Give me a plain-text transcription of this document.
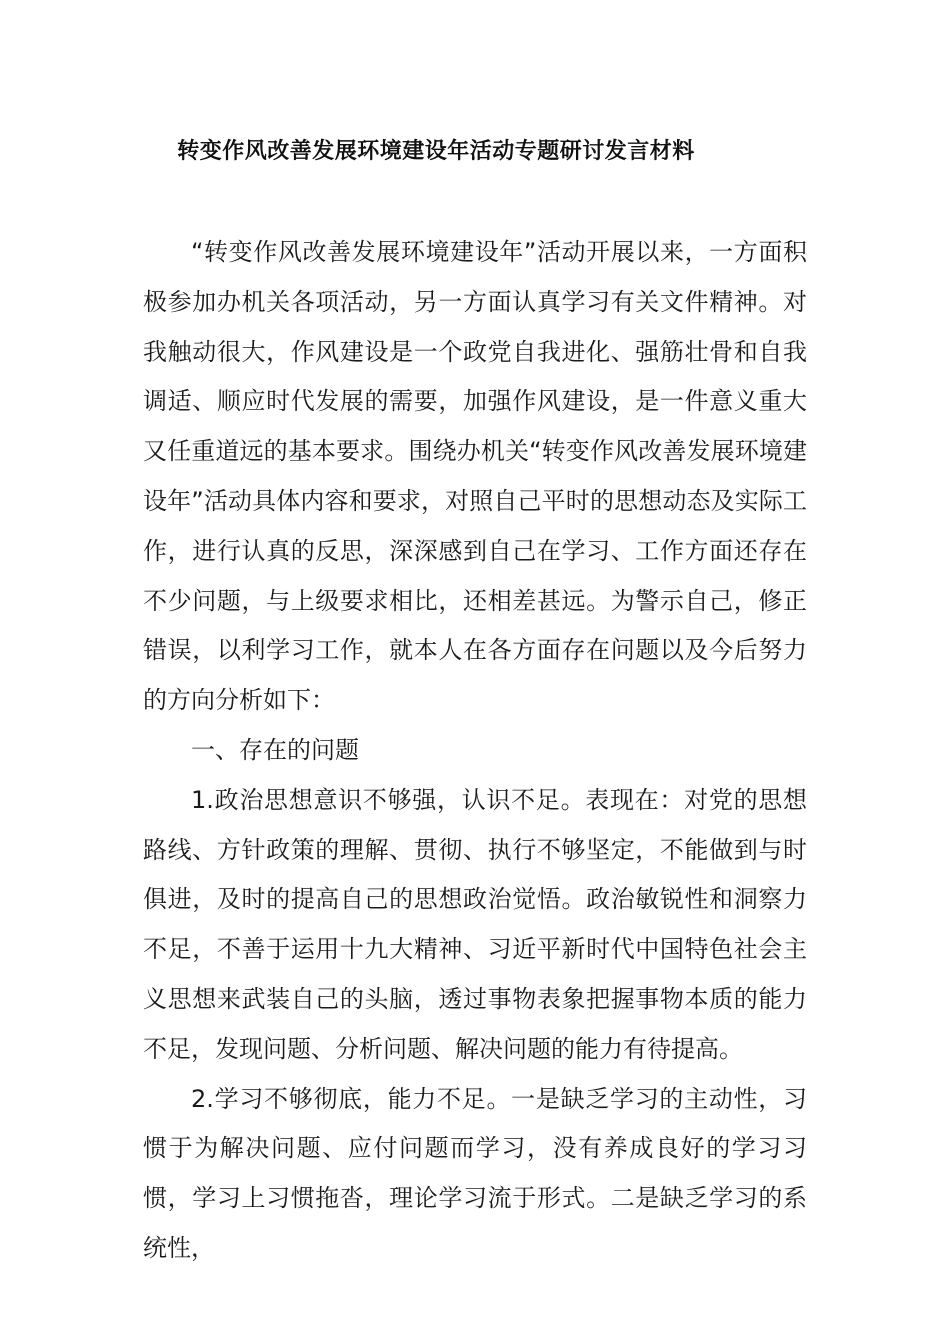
转变作风改善发展环境建设年活动专题研讨发言材料

“转变作风改善发展环境建设年”活动开展以来，一方面积极参加办机关各项活动，另一方面认真学习有关文件精神。对我触动很大，作风建设是一个政党自我进化、强筋壮骨和自我调适、顺应时代发展的需要，加强作风建设，是一件意义重大又任重道远的基本要求。围绕办机关“转变作风改善发展环境建设年”活动具体内容和要求，对照自己平时的思想动态及实际工作，进行认真的反思，深深感到自己在学习、工作方面还存在不少问题，与上级要求相比，还相差甚远。为警示自己，修正错误，以利学习工作，就本人在各方面存在问题以及今后努力的方向分析如下：

一、存在的问题

1.政治思想意识不够强，认识不足。表现在：对党的思想路线、方针政策的理解、贯彻、执行不够坚定，不能做到与时俱进，及时的提高自己的思想政治觉悟。政治敏锐性和洞察力不足，不善于运用十九大精神、习近平新时代中国特色社会主义思想来武装自己的头脑，透过事物表象把握事物本质的能力不足，发现问题、分析问题、解决问题的能力有待提高。

2.学习不够彻底，能力不足。一是缺乏学习的主动性，习惯于为解决问题、应付问题而学习，没有养成良好的学习习惯，学习上习惯拖沓，理论学习流于形式。二是缺乏学习的系统性，
